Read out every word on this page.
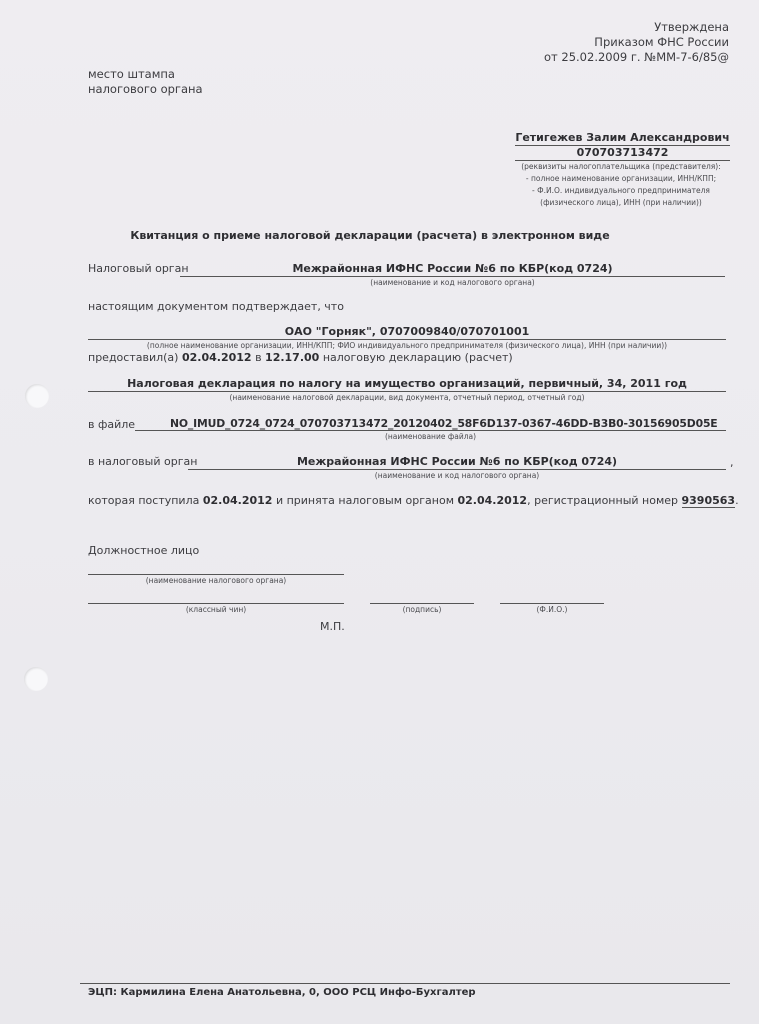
Утверждена
Приказом ФНС России
от 25.02.2009 г. №ММ-7-6/85@
место штампа
налогового органа
Гетигежев Залим Александрович
070703713472
(реквизиты налогоплательщика (представителя):
- полное наименование организации, ИНН/КПП;
- Ф.И.О. индивидуального предпринимателя
(физического лица), ИНН (при наличии))
Квитанция о приеме налоговой декларации (расчета) в электронном виде
Налоговый орган	Межрайонная ИФНС России №6 по КБР(код 0724)
(наименование и код налогового органа)
настоящим документом подтверждает, что
ОАО "Горняк", 0707009840/070701001
(полное наименование организации, ИНН/КПП; ФИО индивидуального предпринимателя (физического лица), ИНН (при наличии))
предоставил(а) 02.04.2012 в 12.17.00 налоговую декларацию (расчет)
Налоговая декларация по налогу на имущество организаций, первичный, 34, 2011 год
(наименование налоговой декларации, вид документа, отчетный период, отчетный год)
в файле	NO_IMUD_0724_0724_070703713472_20120402_58F6D137-0367-46DD-B3B0-30156905D05E
(наименование файла)
в налоговый орган	Межрайонная ИФНС России №6 по КБР(код 0724)	,
(наименование и код налогового органа)
которая поступила 02.04.2012 и принята налоговым органом 02.04.2012, регистрационный номер 9390563.
Должностное лицо
(наименование налогового органа)
(классный чин)	(подпись)	(Ф.И.О.)
М.П.
ЭЦП: Кармилина Елена Анатольевна, 0, ООО РСЦ Инфо-Бухгалтер
